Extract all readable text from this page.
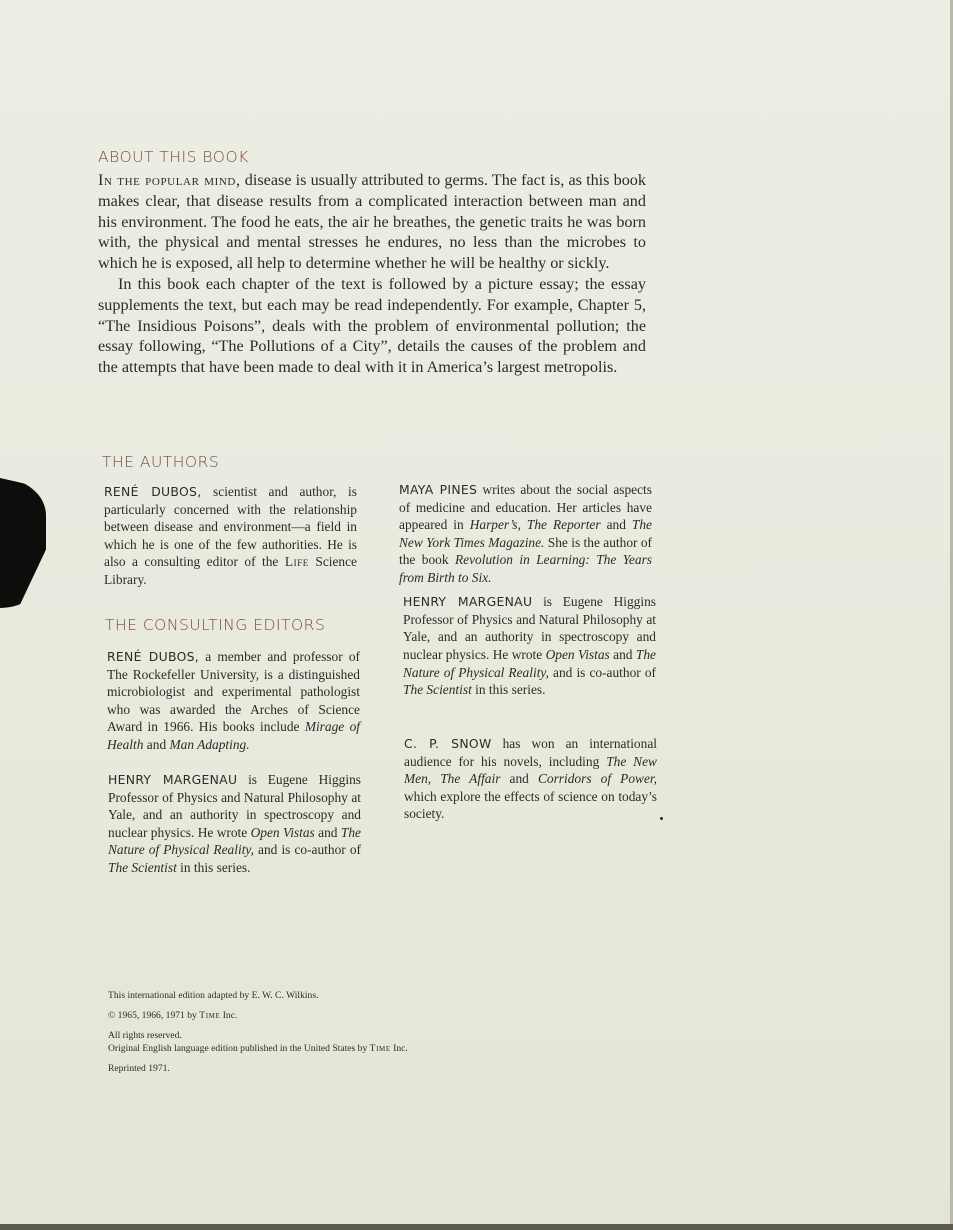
ABOUT THIS BOOK

In the popular mind, disease is usually attributed to germs. The fact is, as this book makes clear, that disease results from a complicated interaction between man and his environment. The food he eats, the air he breathes, the genetic traits he was born with, the physical and mental stresses he endures, no less than the microbes to which he is exposed, all help to determine whether he will be healthy or sickly.

In this book each chapter of the text is followed by a picture essay; the essay supplements the text, but each may be read independently. For example, Chapter 5, “The Insidious Poisons”, deals with the problem of environmental pollution; the essay following, “The Pollutions of a City”, details the causes of the problem and the attempts that have been made to deal with it in America’s largest metropolis.

THE AUTHORS

RENÉ DUBOS, scientist and author, is particularly concerned with the relationship between disease and environment—a field in which he is one of the few authorities. He is also a consulting editor of the Life Science Library.

MAYA PINES writes about the social aspects of medicine and education. Her articles have appeared in Harper’s, The Reporter and The New York Times Magazine. She is the author of the book Revolution in Learning: The Years from Birth to Six.

THE CONSULTING EDITORS

RENÉ DUBOS, a member and professor of The Rockefeller University, is a distinguished microbiologist and experimental pathologist who was awarded the Arches of Science Award in 1966. His books include Mirage of Health and Man Adapting.

HENRY MARGENAU is Eugene Higgins Professor of Physics and Natural Philosophy at Yale, and an authority in spectroscopy and nuclear physics. He wrote Open Vistas and The Nature of Physical Reality, and is co-author of The Scientist in this series.

HENRY MARGENAU is Eugene Higgins Professor of Physics and Natural Philosophy at Yale, and an authority in spectroscopy and nuclear physics. He wrote Open Vistas and The Nature of Physical Reality, and is co-author of The Scientist in this series.

C. P. SNOW has won an international audience for his novels, including The New Men, The Affair and Corridors of Power, which explore the effects of science on today’s society.

This international edition adapted by E. W. C. Wilkins.

© 1965, 1966, 1971 by Time Inc.

All rights reserved.

Original English language edition published in the United States by Time Inc.

Reprinted 1971.
